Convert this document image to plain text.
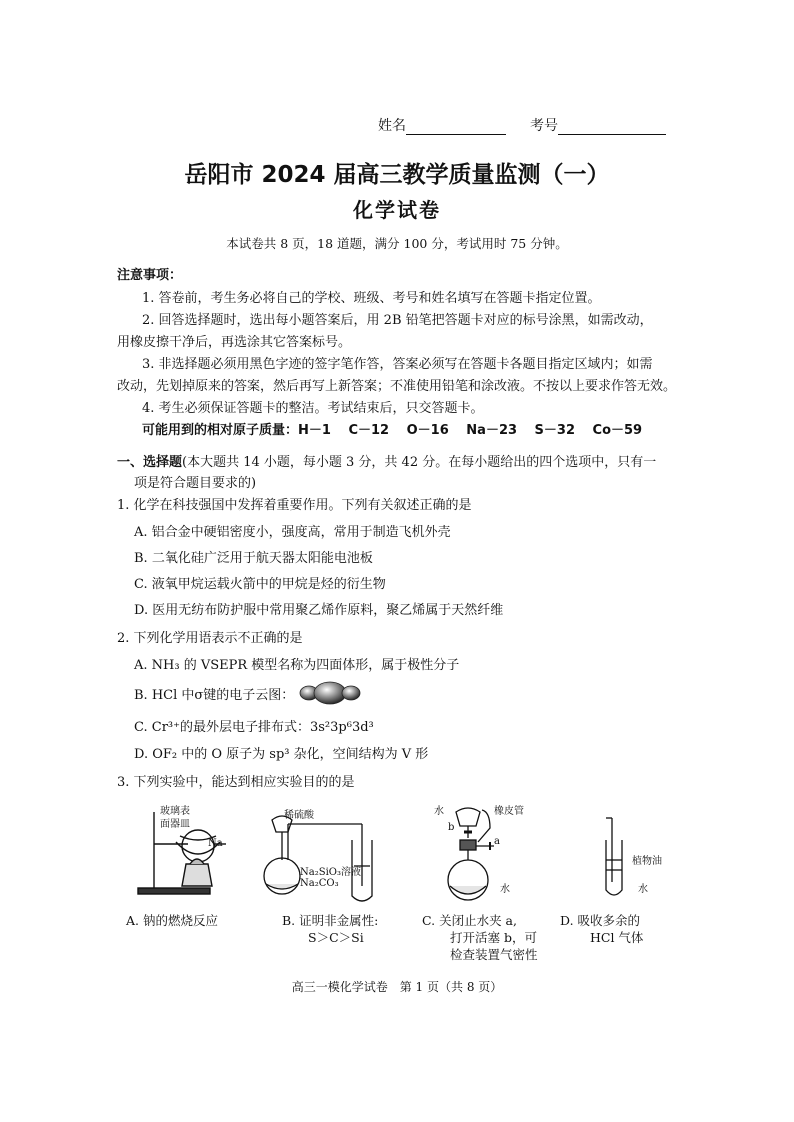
姓名	考号
岳阳市 2024 届高三教学质量监测（一）
化学试卷
本试卷共 8 页，18 道题，满分 100 分，考试用时 75 分钟。
注意事项：
1. 答卷前，考生务必将自己的学校、班级、考号和姓名填写在答题卡指定位置。
2. 回答选择题时，选出每小题答案后，用 2B 铅笔把答题卡对应的标号涂黑，如需改动，
用橡皮擦干净后，再选涂其它答案标号。
3. 非选择题必须用黑色字迹的签字笔作答，答案必须写在答题卡各题目指定区域内；如需
改动，先划掉原来的答案，然后再写上新答案；不准使用铅笔和涂改液。不按以上要求作答无效。
4. 考生必须保证答题卡的整洁。考试结束后，只交答题卡。
可能用到的相对原子质量：H－1　 C－12　 O－16　 Na－23　 S－32　 Co－59
一、选择题(本大题共 14 小题，每小题 3 分，共 42 分。在每小题给出的四个选项中，只有一
项是符合题目要求的)
1. 化学在科技强国中发挥着重要作用。下列有关叙述正确的是
A. 铝合金中硬铝密度小，强度高，常用于制造飞机外壳
B. 二氧化硅广泛用于航天器太阳能电池板
C. 液氧甲烷运载火箭中的甲烷是烃的衍生物
D. 医用无纺布防护服中常用聚乙烯作原料，聚乙烯属于天然纤维
2. 下列化学用语表示不正确的是
A. NH₃ 的 VSEPR 模型名称为四面体形，属于极性分子
B. HCl 中σ键的电子云图：
C. Cr³⁺的最外层电子排布式：3s²3p⁶3d³
D. OF₂ 中的 O 原子为 sp³ 杂化，空间结构为 V 形
3. 下列实验中，能达到相应实验目的的是
玻璃表
面器皿
Na
A. 钠的燃烧反应
稀硫酸
Na₂SiO₃溶液
Na₂CO₃
B. 证明非金属性:
S＞C＞Si
水	橡皮管
b
a
水
C. 关闭止水夹 a,
打开活塞 b，可
检查装置气密性
植物油
水
D. 吸收多余的
HCl 气体
高三一模化学试卷　第 1 页（共 8 页）
